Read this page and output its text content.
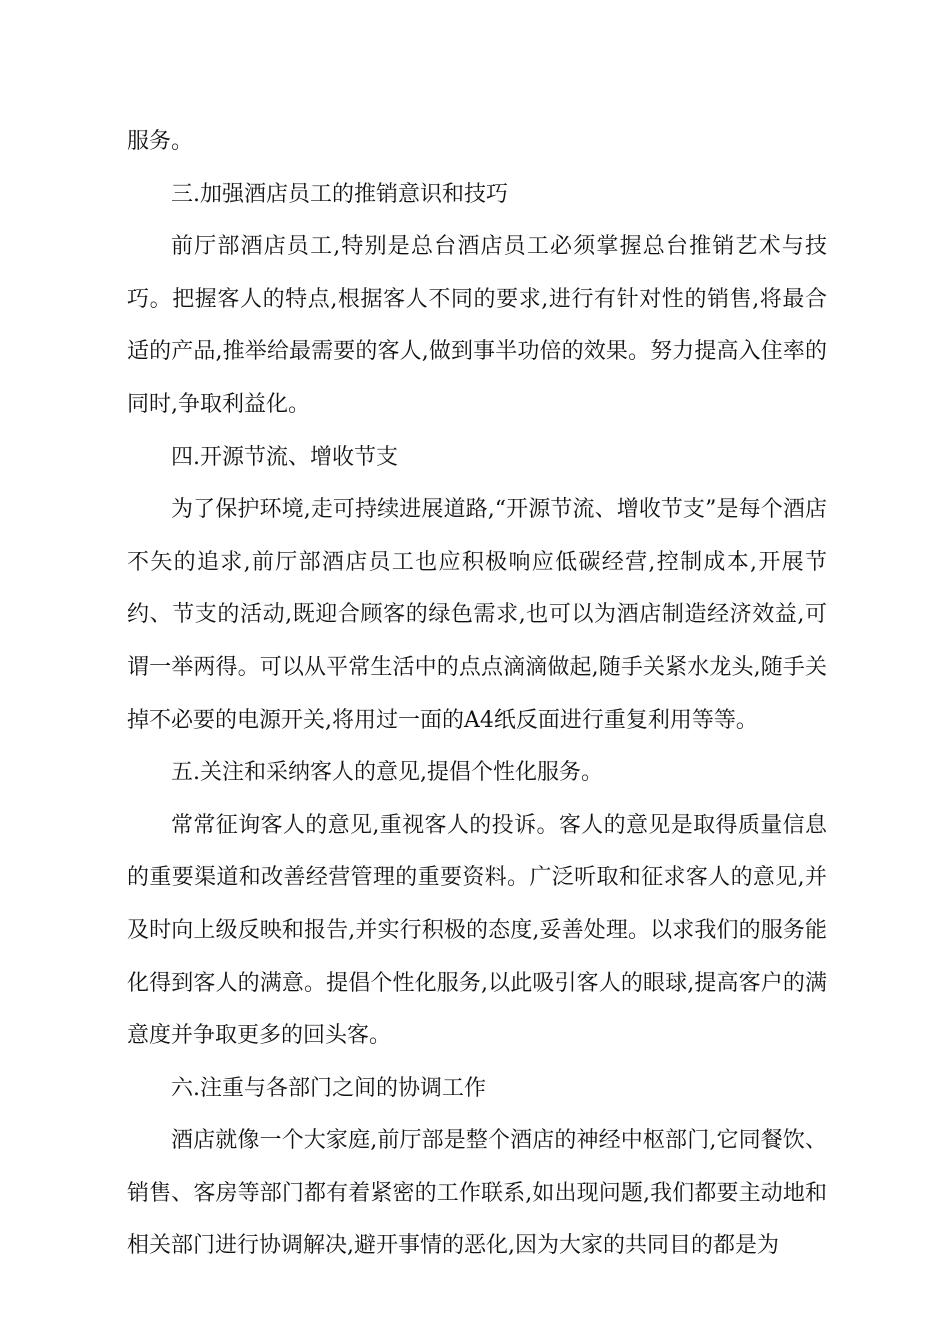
服务。

三.加强酒店员工的推销意识和技巧

前厅部酒店员工,特别是总台酒店员工必须掌握总台推销艺术与技巧。把握客人的特点,根据客人不同的要求,进行有针对性的销售,将最合适的产品,推举给最需要的客人,做到事半功倍的效果。努力提高入住率的同时,争取利益化。

四.开源节流、增收节支

为了保护环境,走可持续进展道路,“开源节流、增收节支”是每个酒店不矢的追求,前厅部酒店员工也应积极响应低碳经营,控制成本,开展节约、节支的活动,既迎合顾客的绿色需求,也可以为酒店制造经济效益,可谓一举两得。可以从平常生活中的点点滴滴做起,随手关紧水龙头,随手关掉不必要的电源开关,将用过一面的A4纸反面进行重复利用等等。

五.关注和采纳客人的意见,提倡个性化服务。

常常征询客人的意见,重视客人的投诉。客人的意见是取得质量信息的重要渠道和改善经营管理的重要资料。广泛听取和征求客人的意见,并及时向上级反映和报告,并实行积极的态度,妥善处理。以求我们的服务能化得到客人的满意。提倡个性化服务,以此吸引客人的眼球,提高客户的满意度并争取更多的回头客。

六.注重与各部门之间的协调工作

酒店就像一个大家庭,前厅部是整个酒店的神经中枢部门,它同餐饮、销售、客房等部门都有着紧密的工作联系,如出现问题,我们都要主动地和相关部门进行协调解决,避开事情的恶化,因为大家的共同目的都是为
